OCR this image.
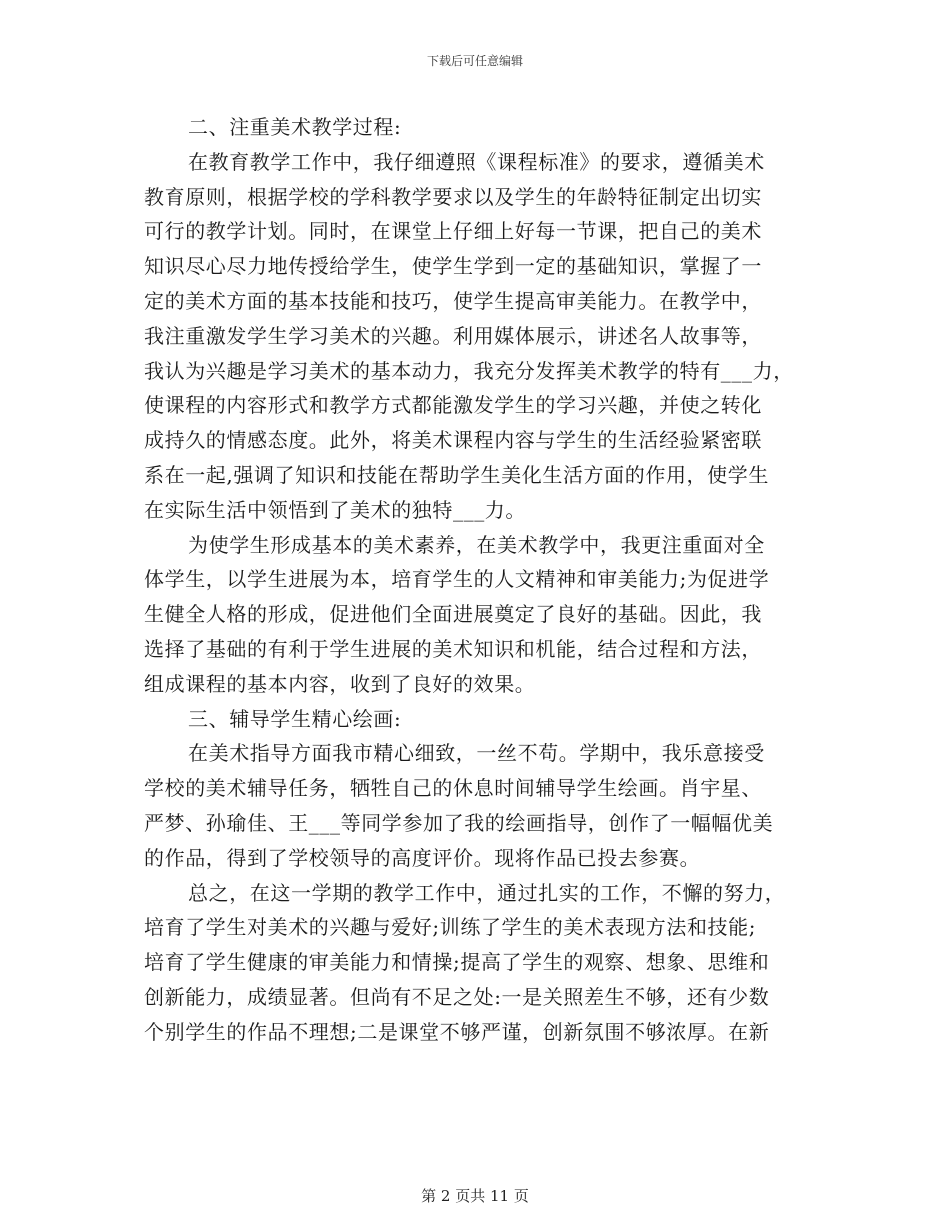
下载后可任意编辑
二、注重美术教学过程:
在教育教学工作中，我仔细遵照《课程标准》的要求，遵循美术
教育原则，根据学校的学科教学要求以及学生的年龄特征制定出切实
可行的教学计划。同时，在课堂上仔细上好每一节课，把自己的美术
知识尽心尽力地传授给学生，使学生学到一定的基础知识，掌握了一
定的美术方面的基本技能和技巧，使学生提高审美能力。在教学中，
我注重激发学生学习美术的兴趣。利用媒体展示，讲述名人故事等，
我认为兴趣是学习美术的基本动力，我充分发挥美术教学的特有___力，
使课程的内容形式和教学方式都能激发学生的学习兴趣，并使之转化
成持久的情感态度。此外，将美术课程内容与学生的生活经验紧密联
系在一起,强调了知识和技能在帮助学生美化生活方面的作用，使学生
在实际生活中领悟到了美术的独特___力。
为使学生形成基本的美术素养，在美术教学中，我更注重面对全
体学生，以学生进展为本，培育学生的人文精神和审美能力;为促进学
生健全人格的形成，促进他们全面进展奠定了良好的基础。因此，我
选择了基础的有利于学生进展的美术知识和机能，结合过程和方法，
组成课程的基本内容，收到了良好的效果。
三、辅导学生精心绘画:
在美术指导方面我市精心细致，一丝不苟。学期中，我乐意接受
学校的美术辅导任务，牺牲自己的休息时间辅导学生绘画。肖宇星、
严梦、孙瑜佳、王___等同学参加了我的绘画指导，创作了一幅幅优美
的作品，得到了学校领导的高度评价。现将作品已投去参赛。
总之，在这一学期的教学工作中，通过扎实的工作，不懈的努力，
培育了学生对美术的兴趣与爱好;训练了学生的美术表现方法和技能;
培育了学生健康的审美能力和情操;提高了学生的观察、想象、思维和
创新能力，成绩显著。但尚有不足之处:一是关照差生不够，还有少数
个别学生的作品不理想;二是课堂不够严谨，创新氛围不够浓厚。在新
第 2 页共 11 页
